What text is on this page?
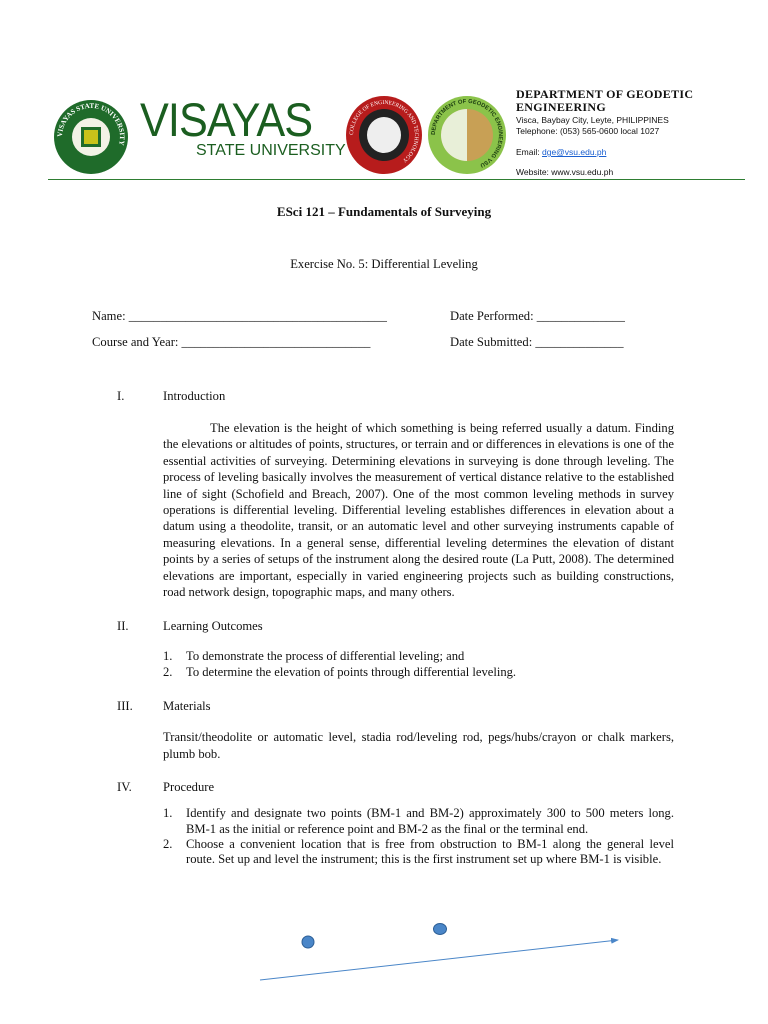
VISAYAS STATE UNIVERSITY VISAYAS
STATE UNIVERSITY
COLLEGE OF ENGINEERING AND TECHNOLOGY
DEPARTMENT OF GEODETIC ENGINEERING VSU
DEPARTMENT OF GEODETIC
ENGINEERING
Visca, Baybay City, Leyte, PHILIPPINES
Telephone: (053) 565-0600 local 1027
Email: dge@vsu.edu.ph
Website: www.vsu.edu.ph
ESci 121 – Fundamentals of Surveying
Exercise No. 5: Differential Leveling
Name: _________________________________________
Course and Year: ______________________________
Date Performed: ______________
Date Submitted: ______________
I.	Introduction
The elevation is the height of which something is being referred usually a datum. Finding the elevations or altitudes of points, structures, or terrain and or differences in elevations is one of the essential activities of surveying. Determining elevations in surveying is done through leveling. The process of leveling basically involves the measurement of vertical distance relative to the established line of sight (Schofield and Breach, 2007). One of the most common leveling methods in survey operations is differential leveling. Differential leveling establishes differences in elevation about a datum using a theodolite, transit, or an automatic level and other surveying instruments capable of measuring elevations. In a general sense, differential leveling determines the elevation of distant points by a series of setups of the instrument along the desired route (La Putt, 2008). The determined elevations are important, especially in varied engineering projects such as building constructions, road network design, topographic maps, and many others.
II.	Learning Outcomes
1. To demonstrate the process of differential leveling; and
2. To determine the elevation of points through differential leveling.
III. Materials
Transit/theodolite or automatic level, stadia rod/leveling rod, pegs/hubs/crayon or chalk markers, plumb bob.
IV. Procedure
1. Identify and designate two points (BM-1 and BM-2) approximately 300 to 500 meters long. BM-1 as the initial or reference point and BM-2 as the final or the terminal end.
2. Choose a convenient location that is free from obstruction to BM-1 along the general level route. Set up and level the instrument; this is the first instrument set up where BM-1 is visible.
